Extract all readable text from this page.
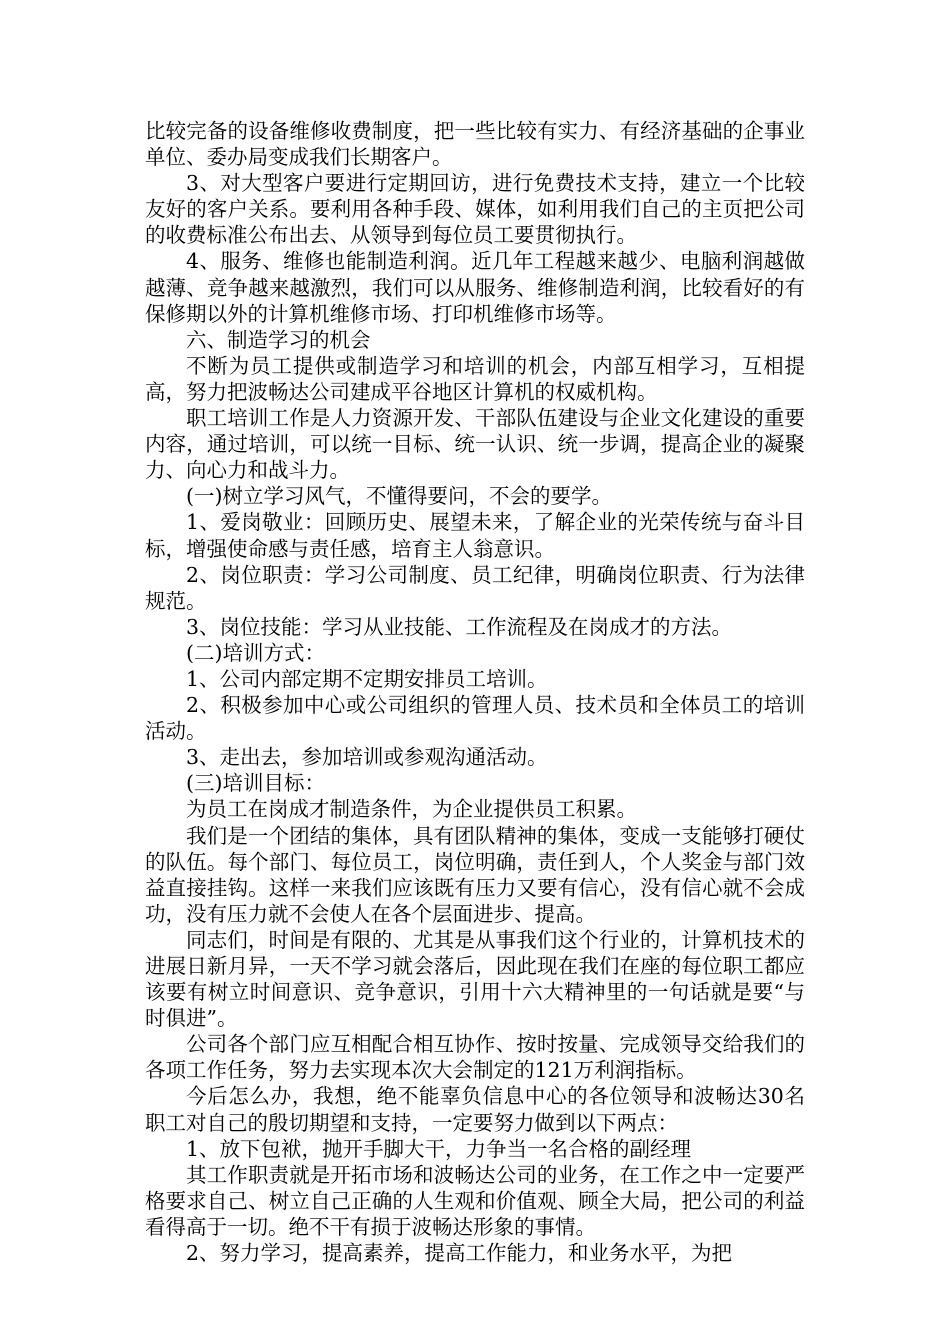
比较完备的设备维修收费制度，把一些比较有实力、有经济基础的企事业单位、委办局变成我们长期客户。

3、对大型客户要进行定期回访，进行免费技术支持，建立一个比较友好的客户关系。要利用各种手段、媒体，如利用我们自己的主页把公司的收费标准公布出去、从领导到每位员工要贯彻执行。

4、服务、维修也能制造利润。近几年工程越来越少、电脑利润越做越薄、竞争越来越激烈，我们可以从服务、维修制造利润，比较看好的有保修期以外的计算机维修市场、打印机维修市场等。

六、制造学习的机会

不断为员工提供或制造学习和培训的机会，内部互相学习，互相提高，努力把波畅达公司建成平谷地区计算机的权威机构。

职工培训工作是人力资源开发、干部队伍建设与企业文化建设的重要内容，通过培训，可以统一目标、统一认识、统一步调，提高企业的凝聚力、向心力和战斗力。

(一)树立学习风气，不懂得要问，不会的要学。

1、爱岗敬业：回顾历史、展望未来，了解企业的光荣传统与奋斗目标，增强使命感与责任感，培育主人翁意识。

2、岗位职责：学习公司制度、员工纪律，明确岗位职责、行为法律规范。

3、岗位技能：学习从业技能、工作流程及在岗成才的方法。

(二)培训方式：

1、公司内部定期不定期安排员工培训。

2、积极参加中心或公司组织的管理人员、技术员和全体员工的培训活动。

3、走出去，参加培训或参观沟通活动。

(三)培训目标：

为员工在岗成才制造条件，为企业提供员工积累。

我们是一个团结的集体，具有团队精神的集体，变成一支能够打硬仗的队伍。每个部门、每位员工，岗位明确，责任到人，个人奖金与部门效益直接挂钩。这样一来我们应该既有压力又要有信心，没有信心就不会成功，没有压力就不会使人在各个层面进步、提高。

同志们，时间是有限的、尤其是从事我们这个行业的，计算机技术的进展日新月异，一天不学习就会落后，因此现在我们在座的每位职工都应该要有树立时间意识、竞争意识，引用十六大精神里的一句话就是要“与时俱进”。

公司各个部门应互相配合相互协作、按时按量、完成领导交给我们的各项工作任务，努力去实现本次大会制定的121万利润指标。

今后怎么办，我想，绝不能辜负信息中心的各位领导和波畅达30名职工对自己的殷切期望和支持，一定要努力做到以下两点：

1、放下包袱，抛开手脚大干，力争当一名合格的副经理

其工作职责就是开拓市场和波畅达公司的业务，在工作之中一定要严格要求自己、树立自己正确的人生观和价值观、顾全大局，把公司的利益看得高于一切。绝不干有损于波畅达形象的事情。

2、努力学习，提高素养，提高工作能力，和业务水平，为把
